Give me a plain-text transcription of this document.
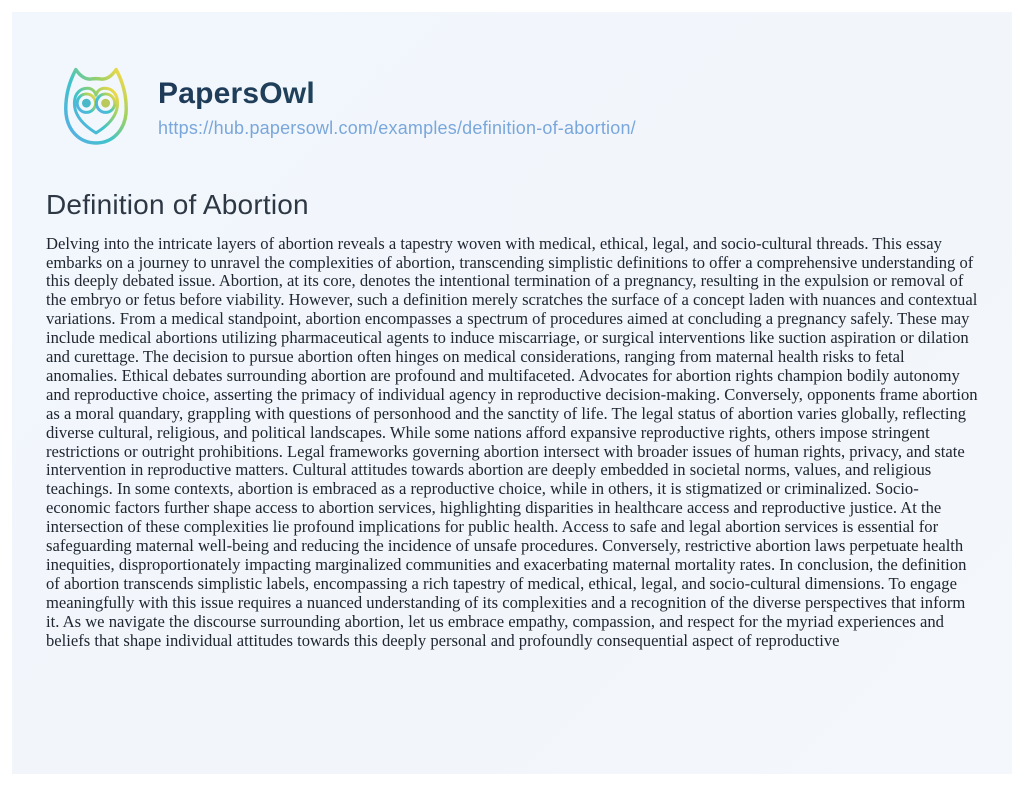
PapersOwl
https://hub.papersowl.com/examples/definition-of-abortion/
Definition of Abortion

Delving into the intricate layers of abortion reveals a tapestry woven with medical, ethical, legal, and socio-cultural threads. This essay embarks on a journey to unravel the complexities of abortion, transcending simplistic definitions to offer a comprehensive understanding of this deeply debated issue. Abortion, at its core, denotes the intentional termination of a pregnancy, resulting in the expulsion or removal of the embryo or fetus before viability. However, such a definition merely scratches the surface of a concept laden with nuances and contextual variations. From a medical standpoint, abortion encompasses a spectrum of procedures aimed at concluding a pregnancy safely. These may include medical abortions utilizing pharmaceutical agents to induce miscarriage, or surgical interventions like suction aspiration or dilation and curettage. The decision to pursue abortion often hinges on medical considerations, ranging from maternal health risks to fetal anomalies. Ethical debates surrounding abortion are profound and multifaceted. Advocates for abortion rights champion bodily autonomy and reproductive choice, asserting the primacy of individual agency in reproductive decision-making. Conversely, opponents frame abortion as a moral quandary, grappling with questions of personhood and the sanctity of life. The legal status of abortion varies globally, reflecting diverse cultural, religious, and political landscapes. While some nations afford expansive reproductive rights, others impose stringent restrictions or outright prohibitions. Legal frameworks governing abortion intersect with broader issues of human rights, privacy, and state intervention in reproductive matters. Cultural attitudes towards abortion are deeply embedded in societal norms, values, and religious teachings. In some contexts, abortion is embraced as a reproductive choice, while in others, it is stigmatized or criminalized. Socio-economic factors further shape access to abortion services, highlighting disparities in healthcare access and reproductive justice. At the intersection of these complexities lie profound implications for public health. Access to safe and legal abortion services is essential for safeguarding maternal well-being and reducing the incidence of unsafe procedures. Conversely, restrictive abortion laws perpetuate health inequities, disproportionately impacting marginalized communities and exacerbating maternal mortality rates. In conclusion, the definition of abortion transcends simplistic labels, encompassing a rich tapestry of medical, ethical, legal, and socio-cultural dimensions. To engage meaningfully with this issue requires a nuanced understanding of its complexities and a recognition of the diverse perspectives that inform it. As we navigate the discourse surrounding abortion, let us embrace empathy, compassion, and respect for the myriad experiences and beliefs that shape individual attitudes towards this deeply personal and profoundly consequential aspect of reproductive
